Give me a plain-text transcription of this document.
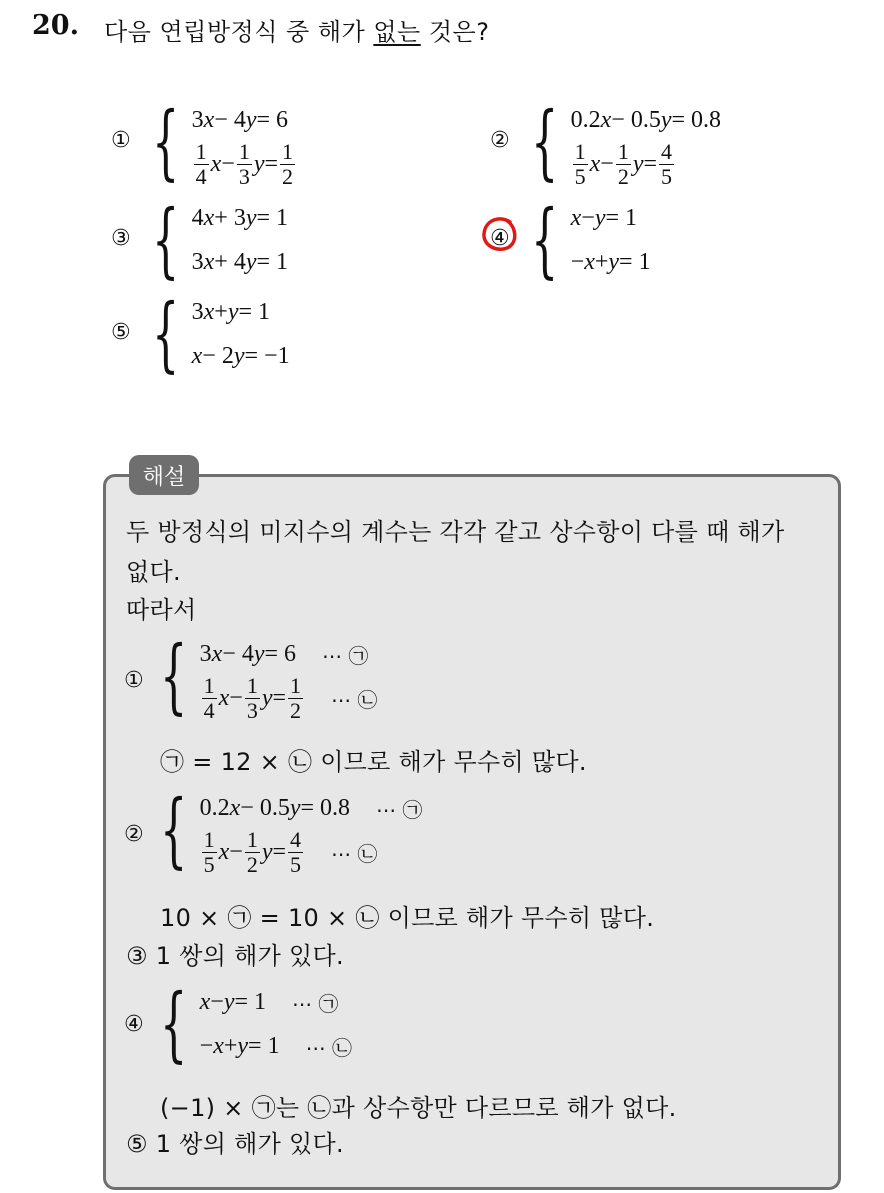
20. 다음 연립방정식 중 해가 없는 것은?
① { 3 x − 4 y = 6
$\frac{1}{4}$ $x - \frac{1}{3}$ $y = \frac{1}{2}$	② { 0.2 x − 0.5 y = 0.8
$\frac{1}{5}$ $x - \frac{1}{2}$ $y = \frac{4}{5}$
③ { 4 x + 3 y = 1
3 x + 4 y = 1
④ { x − y = 1
− x + y = 1
⑤ { 3 x + y = 1
x − 2 y = −1
해설
두 방정식의 미지수의 계수는 각각 같고 상수항이 다를 때 해가
없다.
따라서
① { 3 x − 4 y = 6 ⋯ ㉠
$\frac{1}{4}$ $x - \frac{1}{3}$ $y = \frac{1}{2}$ ⋯ ㉡
㉠ = 12 × ㉡ 이므로 해가 무수히 많다.
② { 0.2 x − 0.5 y = 0.8 ⋯ ㉠
$\frac{1}{5}$ $x - \frac{1}{2}$ $y = \frac{4}{5}$ ⋯ ㉡
10 × ㉠ = 10 × ㉡ 이므로 해가 무수히 많다.
③ 1 쌍의 해가 있다.
④ { x − y = 1 ⋯ ㉠
− x + y = 1 ⋯ ㉡
(−1) × ㉠는 ㉡과 상수항만 다르므로 해가 없다.
⑤ 1 쌍의 해가 있다.
